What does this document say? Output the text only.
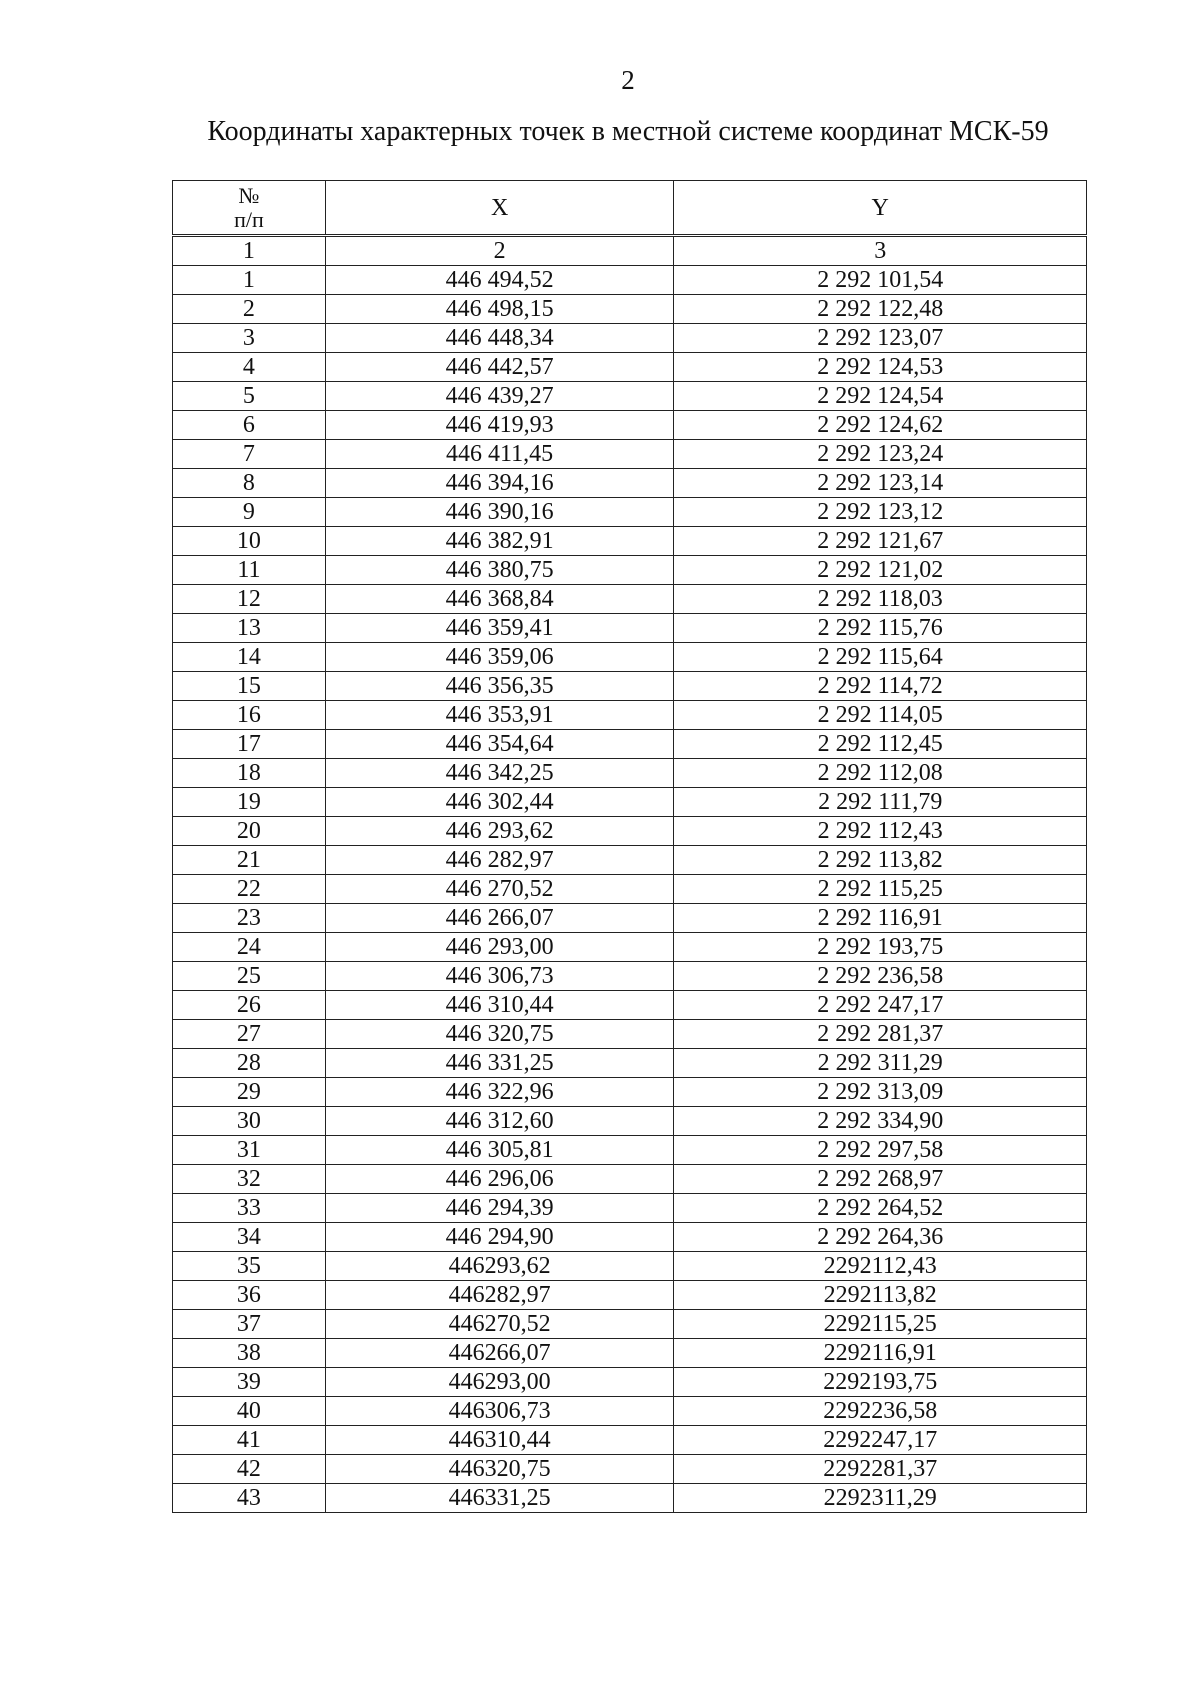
2
Координаты характерных точек в местной системе координат МСК-59
№
п/п	X	Y
1	2	3
1	446 494,52	2 292 101,54
2	446 498,15	2 292 122,48
3	446 448,34	2 292 123,07
4	446 442,57	2 292 124,53
5	446 439,27	2 292 124,54
6	446 419,93	2 292 124,62
7	446 411,45	2 292 123,24
8	446 394,16	2 292 123,14
9	446 390,16	2 292 123,12
10	446 382,91	2 292 121,67
11	446 380,75	2 292 121,02
12	446 368,84	2 292 118,03
13	446 359,41	2 292 115,76
14	446 359,06	2 292 115,64
15	446 356,35	2 292 114,72
16	446 353,91	2 292 114,05
17	446 354,64	2 292 112,45
18	446 342,25	2 292 112,08
19	446 302,44	2 292 111,79
20	446 293,62	2 292 112,43
21	446 282,97	2 292 113,82
22	446 270,52	2 292 115,25
23	446 266,07	2 292 116,91
24	446 293,00	2 292 193,75
25	446 306,73	2 292 236,58
26	446 310,44	2 292 247,17
27	446 320,75	2 292 281,37
28	446 331,25	2 292 311,29
29	446 322,96	2 292 313,09
30	446 312,60	2 292 334,90
31	446 305,81	2 292 297,58
32	446 296,06	2 292 268,97
33	446 294,39	2 292 264,52
34	446 294,90	2 292 264,36
35	446293,62	2292112,43
36	446282,97	2292113,82
37	446270,52	2292115,25
38	446266,07	2292116,91
39	446293,00	2292193,75
40	446306,73	2292236,58
41	446310,44	2292247,17
42	446320,75	2292281,37
43	446331,25	2292311,29
